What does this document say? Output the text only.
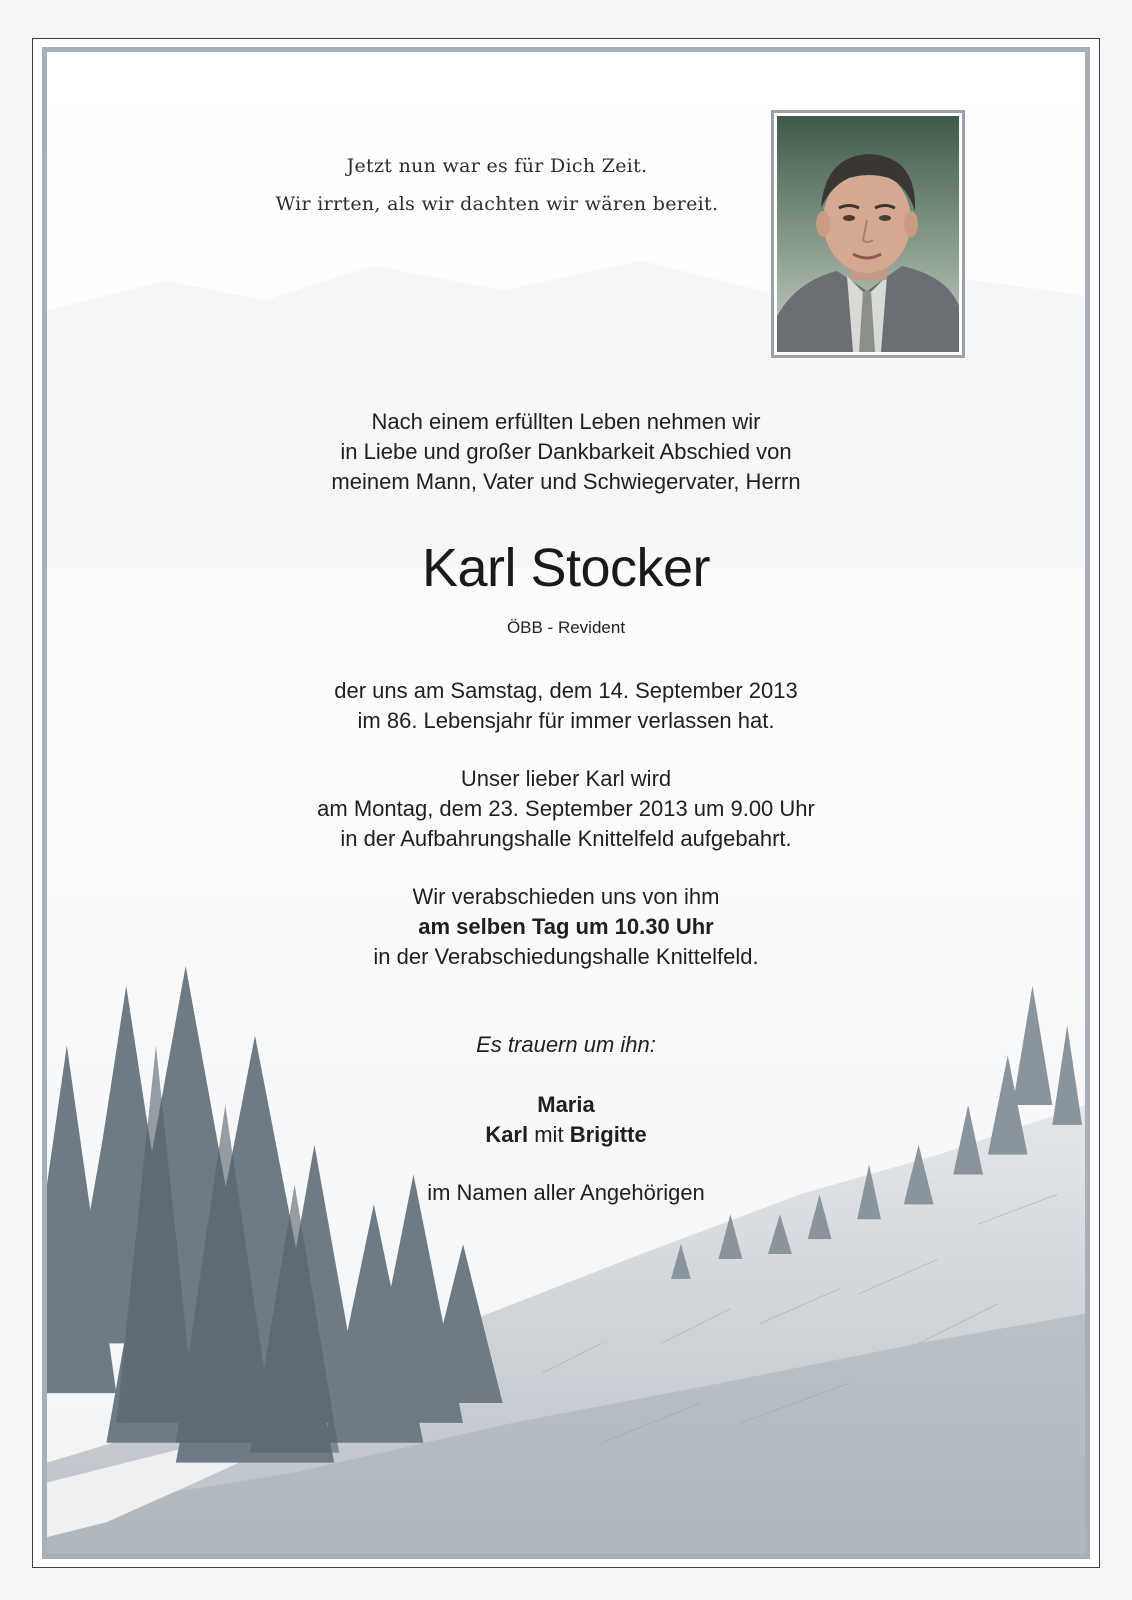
Jetzt nun war es für Dich Zeit.
Wir irrten, als wir dachten wir wären bereit.
Nach einem erfüllten Leben nehmen wir
in Liebe und großer Dankbarkeit Abschied von
meinem Mann, Vater und Schwiegervater, Herrn
Karl Stocker
ÖBB - Revident
der uns am Samstag, dem 14. September 2013
im 86. Lebensjahr für immer verlassen hat.
Unser lieber Karl wird
am Montag, dem 23. September 2013 um 9.00 Uhr
in der Aufbahrungshalle Knittelfeld aufgebahrt.
Wir verabschieden uns von ihm
am selben Tag um 10.30 Uhr
in der Verabschiedungshalle Knittelfeld.
Es trauern um ihn:
Maria
Karl mit Brigitte
im Namen aller Angehörigen
